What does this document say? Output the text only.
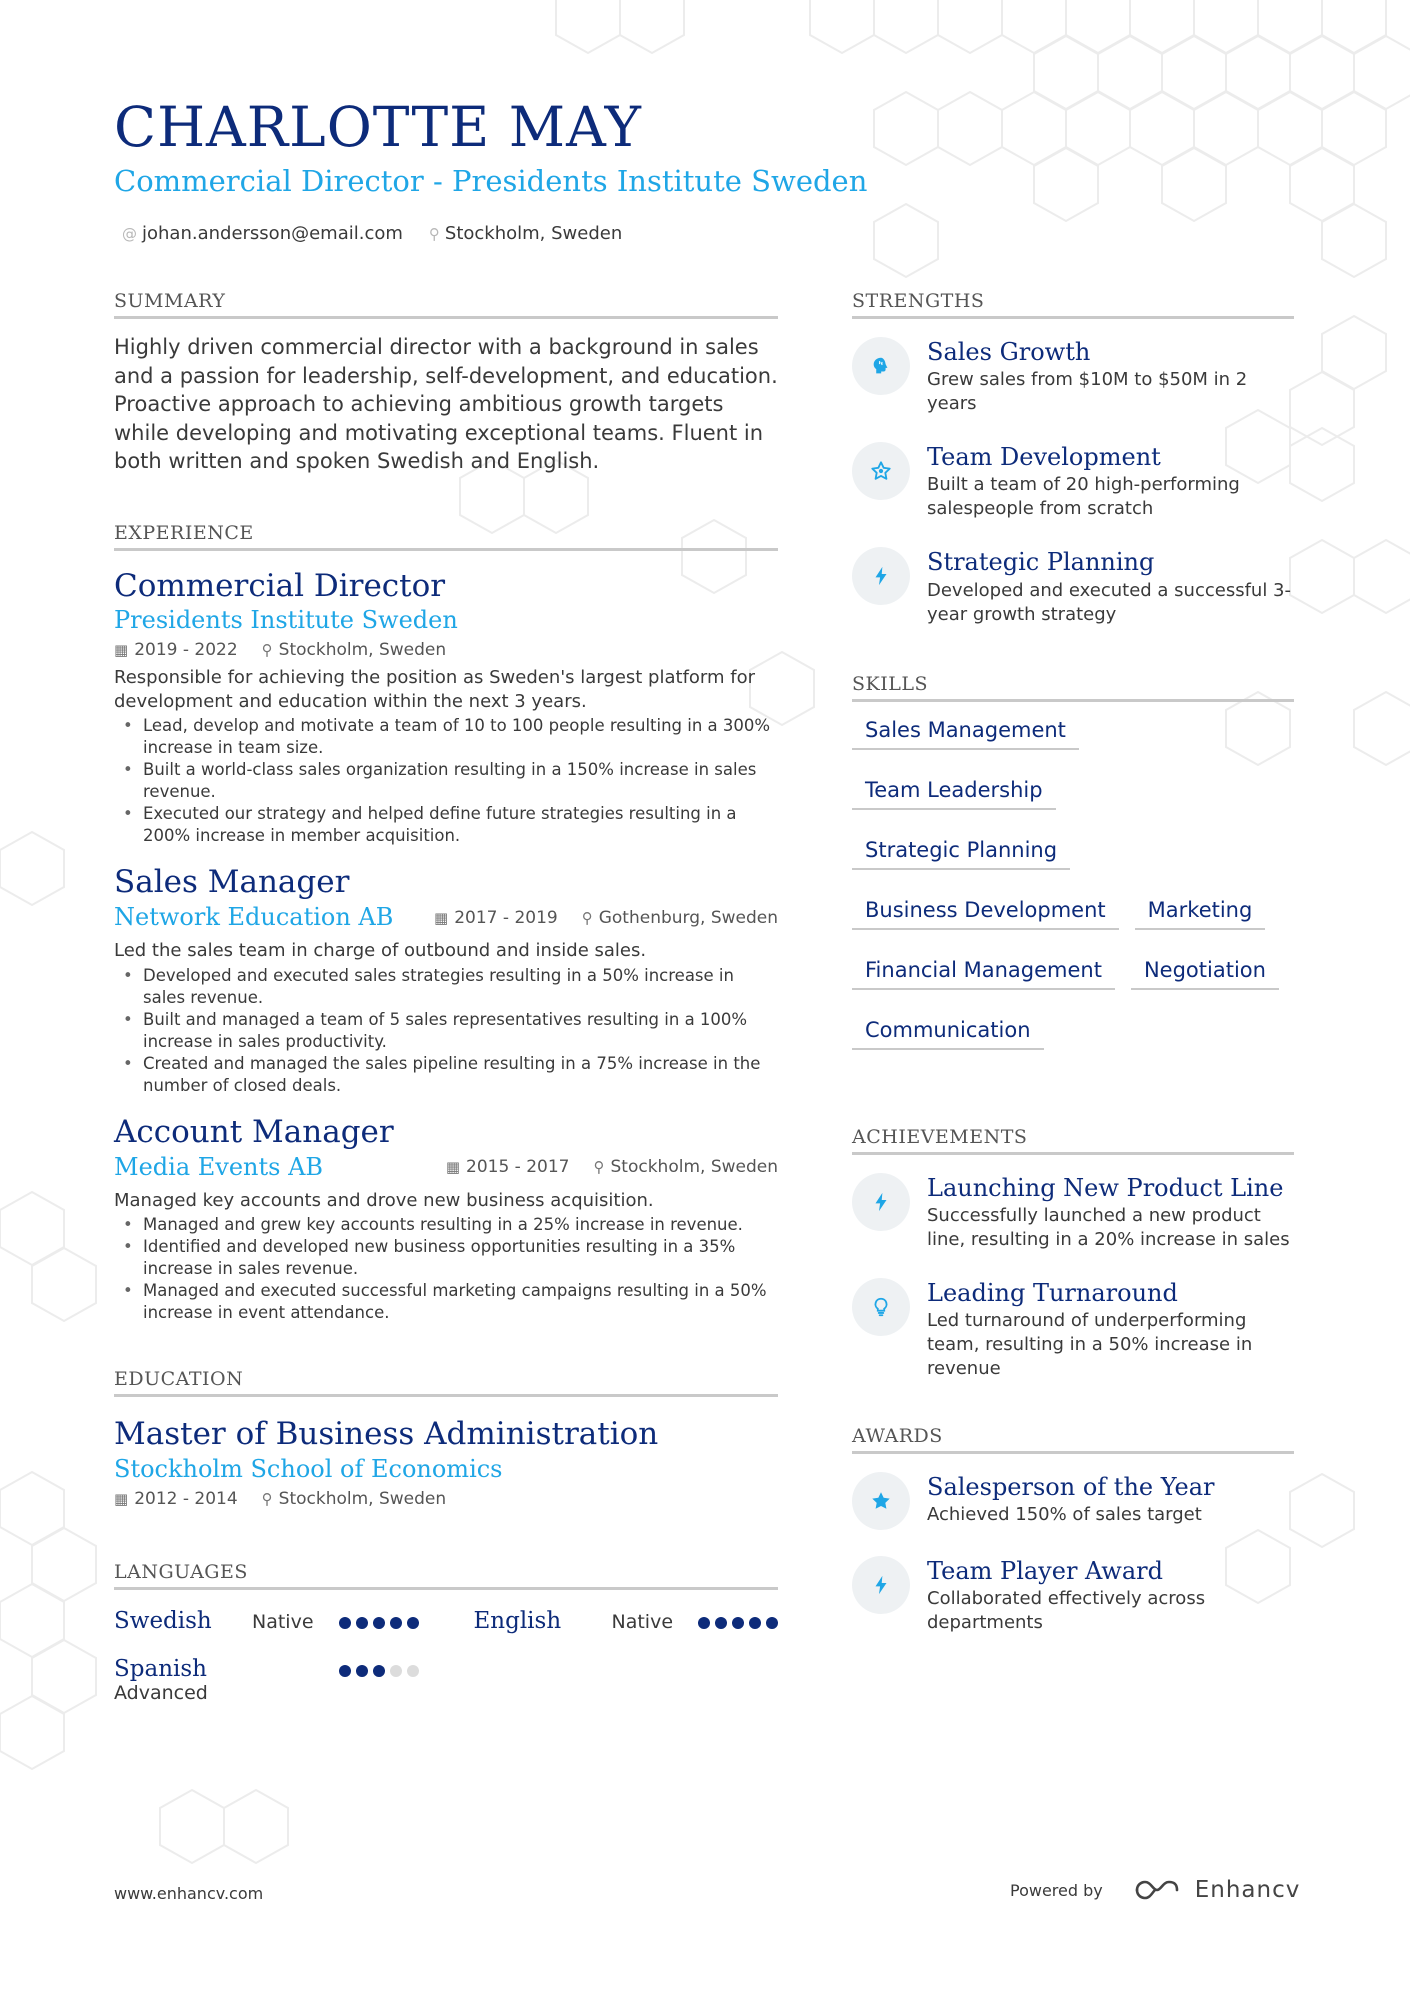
CHARLOTTE MAY
Commercial Director - Presidents Institute Sweden
@ johan.andersson@email.com ⚲ Stockholm, Sweden
SUMMARY

Highly driven commercial director with a background in sales and a passion for leadership, self-development, and education. Proactive approach to achieving ambitious growth targets while developing and motivating exceptional teams. Fluent in both written and spoken Swedish and English.

EXPERIENCE
Commercial Director
Presidents Institute Sweden
▦ 2019 - 2022 ⚲ Stockholm, Sweden
Responsible for achieving the position as Sweden's largest platform for development and education within the next 3 years.
• Lead, develop and motivate a team of 10 to 100 people resulting in a 300% increase in team size.
• Built a world-class sales organization resulting in a 150% increase in sales revenue.
• Executed our strategy and helped define future strategies resulting in a 200% increase in member acquisition.
Sales Manager
Network Education AB	▦ 2017 - 2019 ⚲ Gothenburg, Sweden
Led the sales team in charge of outbound and inside sales.
• Developed and executed sales strategies resulting in a 50% increase in sales revenue.
• Built and managed a team of 5 sales representatives resulting in a 100% increase in sales productivity.
• Created and managed the sales pipeline resulting in a 75% increase in the number of closed deals.
Account Manager
Media Events AB	▦ 2015 - 2017 ⚲ Stockholm, Sweden
Managed key accounts and drove new business acquisition.
• Managed and grew key accounts resulting in a 25% increase in revenue.
• Identified and developed new business opportunities resulting in a 35% increase in sales revenue.
• Managed and executed successful marketing campaigns resulting in a 50% increase in event attendance.
EDUCATION
Master of Business Administration
Stockholm School of Economics
▦ 2012 - 2014 ⚲ Stockholm, Sweden
LANGUAGES
Swedish	Native	English	Native
Spanish
Advanced
STRENGTHS
Sales Growth
Grew sales from $10M to $50M in 2 years
Team Development
Built a team of 20 high-performing salespeople from scratch
Strategic Planning
Developed and executed a successful 3-year growth strategy
SKILLS
Sales Management
Team Leadership
Strategic Planning
Business Development	Marketing
Financial Management	Negotiation
Communication
ACHIEVEMENTS
Launching New Product Line
Successfully launched a new product line, resulting in a 20% increase in sales
Leading Turnaround
Led turnaround of underperforming team, resulting in a 50% increase in revenue
AWARDS
Salesperson of the Year
Achieved 150% of sales target
Team Player Award
Collaborated effectively across departments
www.enhancv.com	Powered by	Enhancv
